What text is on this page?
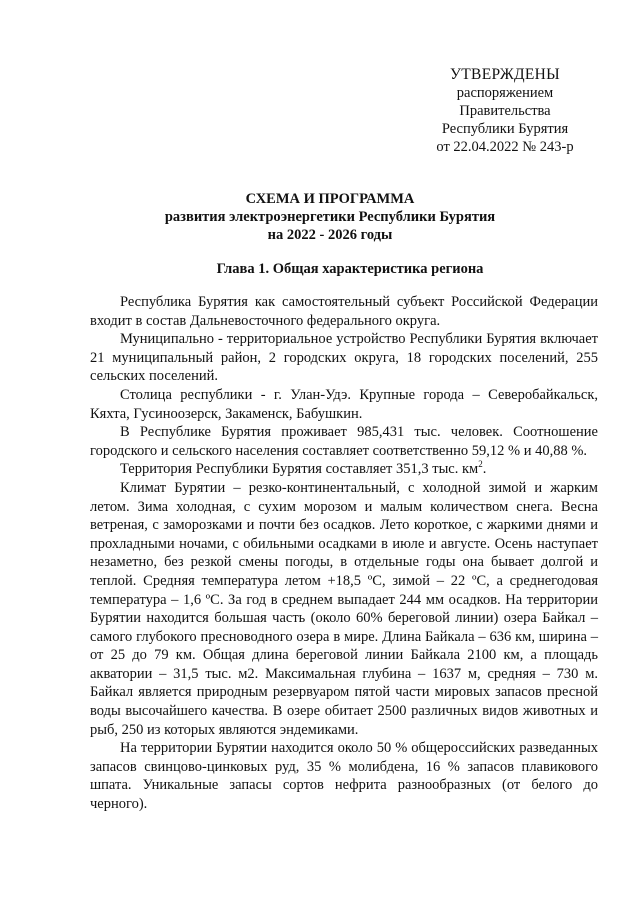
УТВЕРЖДЕНЫ
распоряжением
Правительства
Республики Бурятия
от 22.04.2022 № 243-р
СХЕМА И ПРОГРАММА
развития электроэнергетики Республики Бурятия
на 2022 - 2026 годы
Глава 1. Общая характеристика региона

Республика Бурятия как самостоятельный субъект Российской Федерации входит в состав Дальневосточного федерального округа.

Муниципально - территориальное устройство Республики Бурятия включает 21 муниципальный район, 2 городских округа, 18 городских поселений, 255 сельских поселений.

Столица республики - г. Улан-Удэ. Крупные города – Северобайкальск, Кяхта, Гусиноозерск, Закаменск, Бабушкин.

В Республике Бурятия проживает 985,431 тыс. человек. Соотношение городского и сельского населения составляет соответственно 59,12 % и 40,88 %.

Территория Республики Бурятия составляет 351,3 тыс. $км^2$.

Климат Бурятии – резко-континентальный, с холодной зимой и жарким летом. Зима холодная, с сухим морозом и малым количеством снега. Весна ветреная, с заморозками и почти без осадков. Лето короткое, с жаркими днями и прохладными ночами, с обильными осадками в июле и августе. Осень наступает незаметно, без резкой смены погоды, в отдельные годы она бывает долгой и теплой. Средняя температура летом +18,5 ºС, зимой – 22 ºС, а среднегодовая температура – 1,6 ºС. За год в среднем выпадает 244 мм осадков. На территории Бурятии находится большая часть (около 60% береговой линии) озера Байкал – самого глубокого пресноводного озера в мире. Длина Байкала – 636 км, ширина – от 25 до 79 км. Общая длина береговой линии Байкала 2100 км, а площадь акватории – 31,5 тыс. м2. Максимальная глубина – 1637 м, средняя – 730 м. Байкал является природным резервуаром пятой части мировых запасов пресной воды высочайшего качества. В озере обитает 2500 различных видов животных и рыб, 250 из которых являются эндемиками.

На территории Бурятии находится около 50 % общероссийских разведанных запасов свинцово-цинковых руд, 35 % молибдена, 16 % запасов плавикового шпата. Уникальные запасы сортов нефрита разнообразных (от белого до черного).
